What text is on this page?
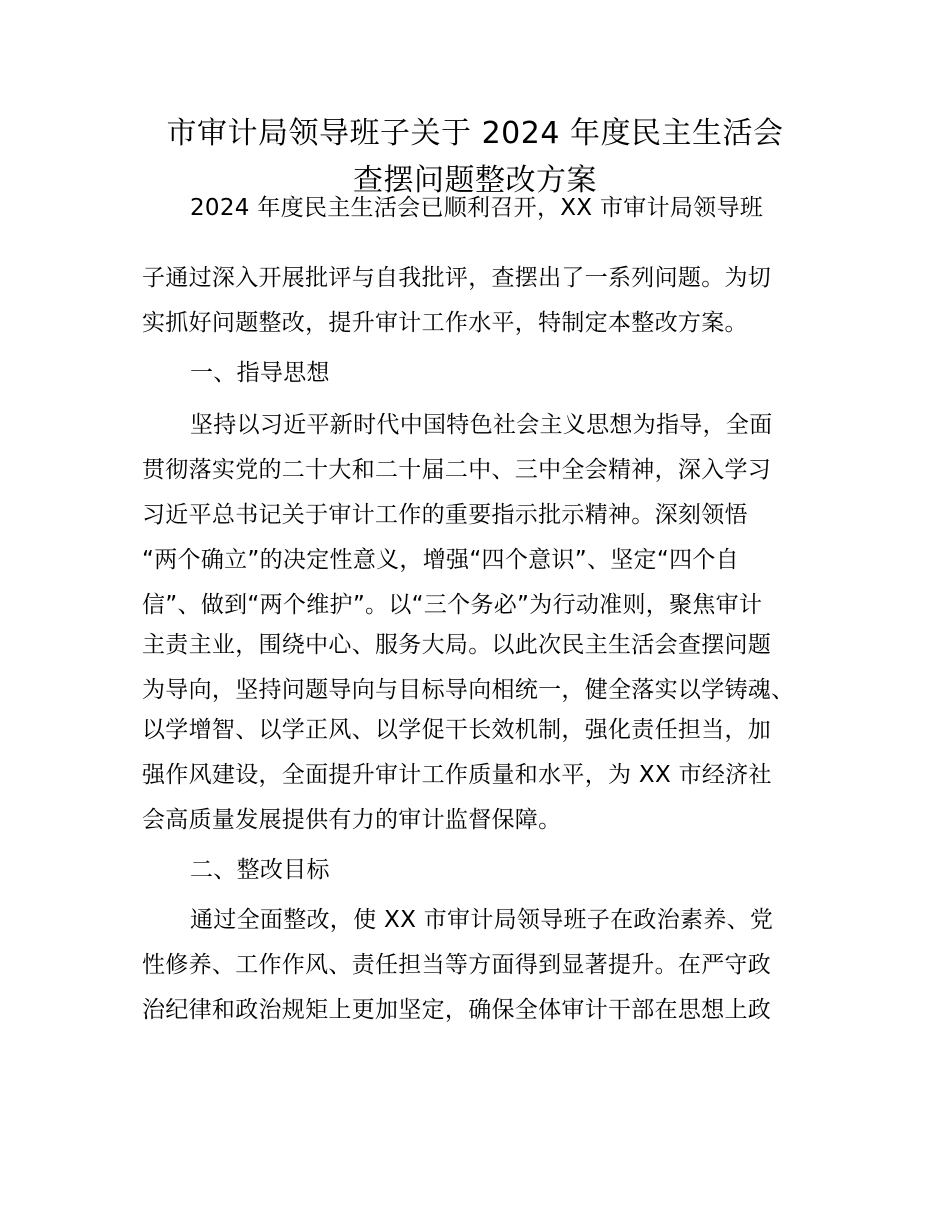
市审计局领导班子关于 2024 年度民主生活会
查摆问题整改方案
2024 年度民主生活会已顺利召开，XX 市审计局领导班
子通过深入开展批评与自我批评，查摆出了一系列问题。为切
实抓好问题整改，提升审计工作水平，特制定本整改方案。
一、指导思想
坚持以习近平新时代中国特色社会主义思想为指导，全面
贯彻落实党的二十大和二十届二中、三中全会精神，深入学习
习近平总书记关于审计工作的重要指示批示精神。深刻领悟
“两个确立”的决定性意义，增强“四个意识”、坚定“四个自
信”、做到“两个维护”。以“三个务必”为行动准则，聚焦审计
主责主业，围绕中心、服务大局。以此次民主生活会查摆问题
为导向，坚持问题导向与目标导向相统一，健全落实以学铸魂、
以学增智、以学正风、以学促干长效机制，强化责任担当，加
强作风建设，全面提升审计工作质量和水平，为 XX 市经济社
会高质量发展提供有力的审计监督保障。
二、整改目标
通过全面整改，使 XX 市审计局领导班子在政治素养、党
性修养、工作作风、责任担当等方面得到显著提升。在严守政
治纪律和政治规矩上更加坚定，确保全体审计干部在思想上政
